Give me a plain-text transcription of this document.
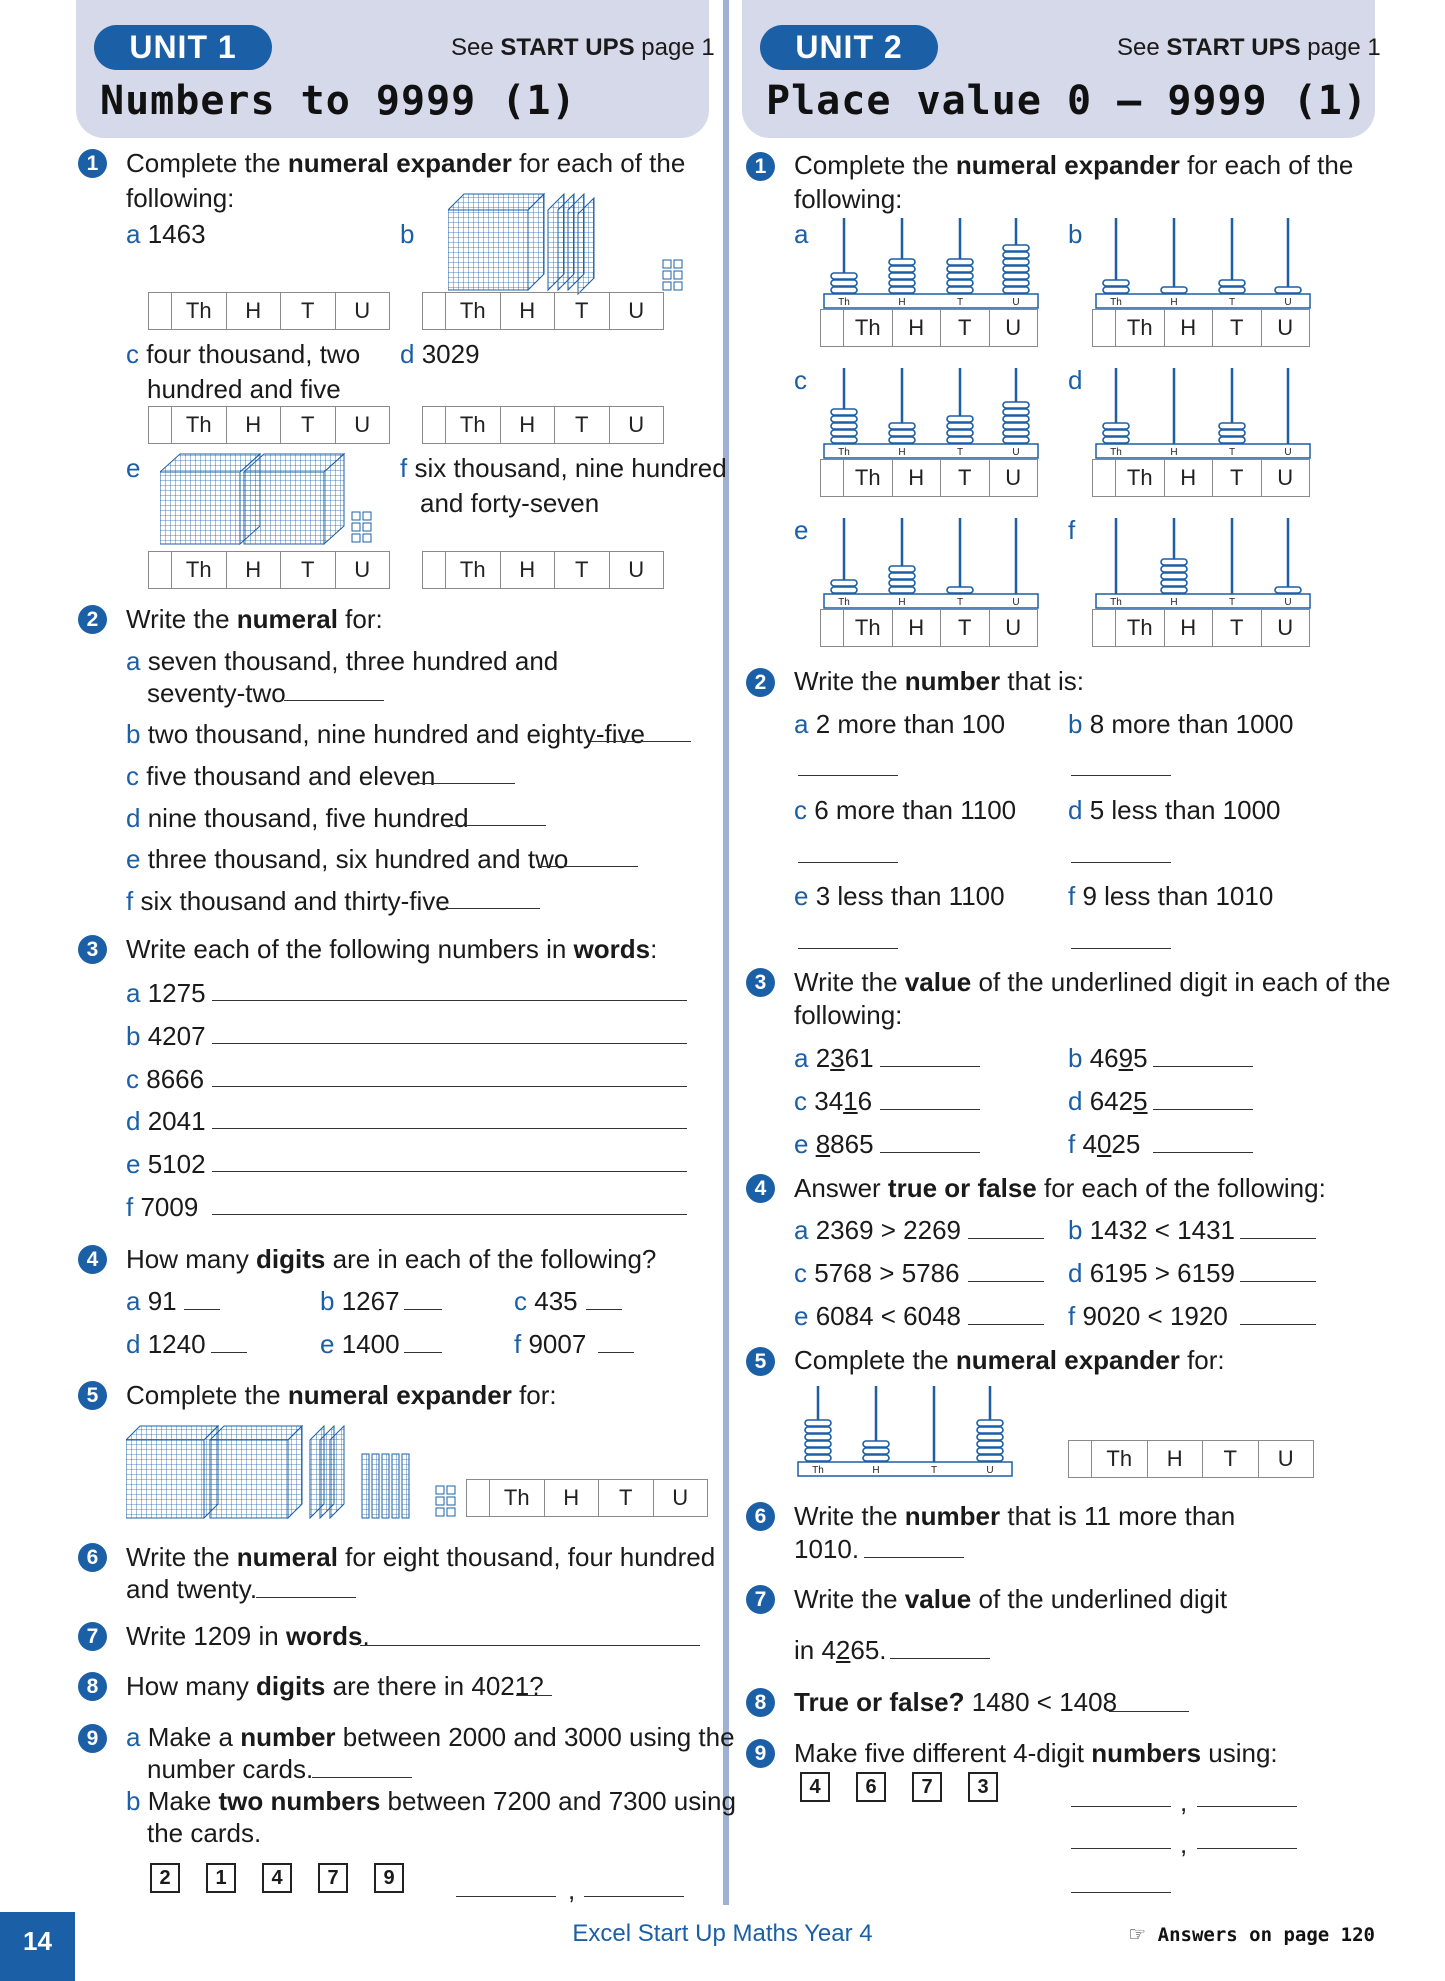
UNIT 1	See START UPS page 1
Numbers to 9999 (1)
UNIT 2	See START UPS page 1
Place value 0 – 9999 (1)
1	Complete the numeral expander for each of the
following:
a 1463	b
Th	H	T	U	Th	H	T	U
c four thousand, two
hundred and five
d 3029
Th	H	T	U	Th	H	T	U
e	f six thousand, nine hundred
and forty-seven
Th	H	T	U	Th	H	T	U
2	Write the numeral for:
a seven thousand, three hundred and
seventy-two
b two thousand, nine hundred and eighty-five
c five thousand and eleven
d nine thousand, five hundred
e three thousand, six hundred and two
f six thousand and thirty-five
3	Write each of the following numbers in words:
a 1275
b 4207
c 8666
d 2041
e 5102
f 7009
4	How many digits are in each of the following?
a 91	b 1267	c 435
d 1240	e 1400	f 9007
5	Complete the numeral expander for:
Th	H	T	U
6	Write the numeral for eight thousand, four hundred
and twenty.
7	Write 1209 in words.
8	How many digits are there in 4021?
9	a Make a number between 2000 and 3000 using the
number cards.
b Make two numbers between 7200 and 7300 using
the cards.
2	1	4	7	9	,
1	Complete the numeral expander for each of the
following:
a	b
c	d
e	f
Th	H	T	U	Th	H	T	U
Th	H	T	U	Th	H	T	U
Th	H	T	U	Th	H	T	U
Th	H	T	U	Th	H	T	U
Th	H	T	U	Th	H	T	U
Th	H	T	U	Th	H	T	U
2	Write the number that is:
a 2 more than 100 b 8 more than 1000
c 6 more than 1100 d 5 less than 1000
e 3 less than 1100 f 9 less than 1010
3	Write the value of the underlined digit in each of the
following:
a 2361	b 4695
c 3416	d 6425
e 8865	f 4025
4	Answer true or false for each of the following:
a 2369 > 2269	b 1432 < 1431
c 5768 > 5786	d 6195 > 6159
e 6084 < 6048	f 9020 < 1920
5	Complete the numeral expander for:
Th	H	T	U	Th	H	T	U
6	Write the number that is 11 more than
1010.
7	Write the value of the underlined digit
in 4265.
8	True or false? 1480 < 1408
9	Make five different 4-digit numbers using:
4	6	7	3	,
,
14	Excel Start Up Maths Year 4	☞ Answers on page 120
